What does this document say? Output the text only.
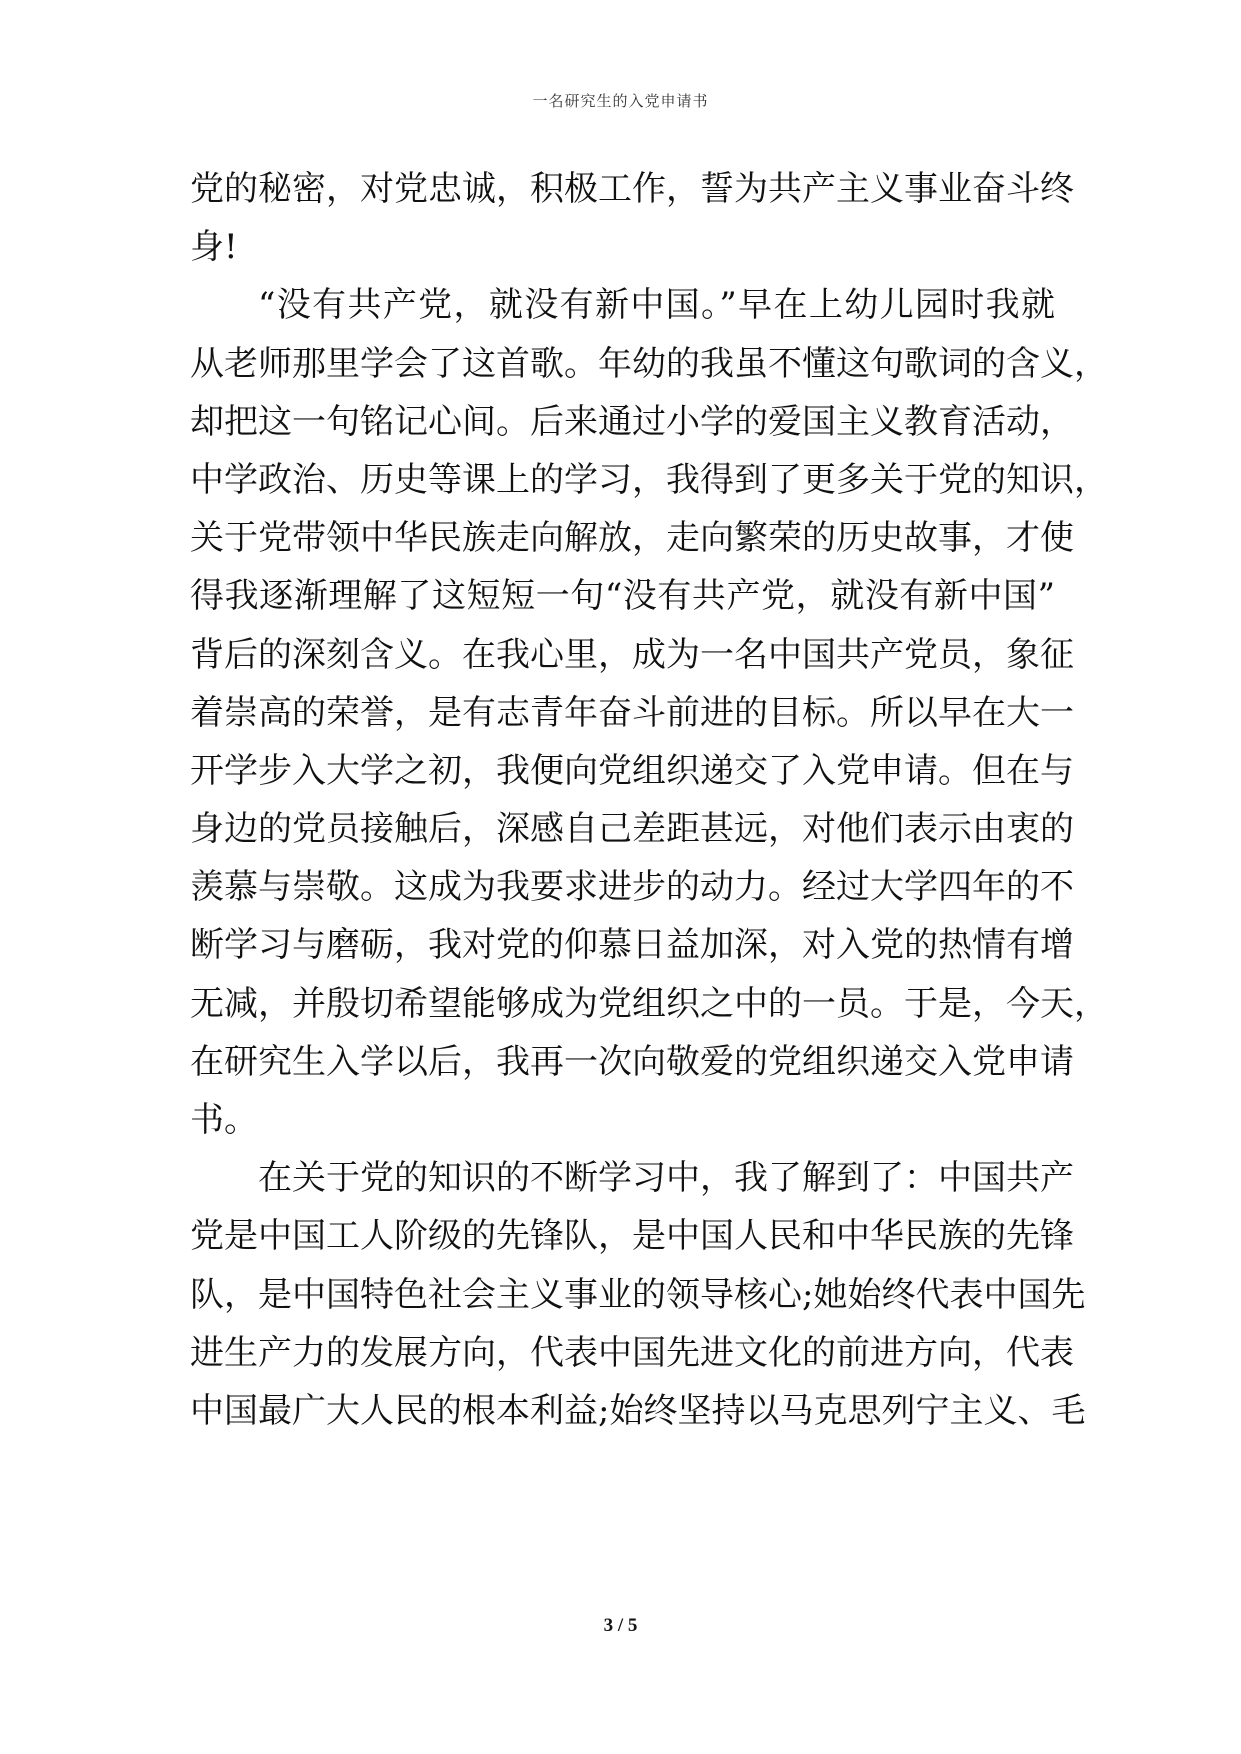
一名研究生的入党申请书
党的秘密，对党忠诚，积极工作，誓为共产主义事业奋斗终
身!
“没有共产党，就没有新中国。”早在上幼儿园时我就
从老师那里学会了这首歌。年幼的我虽不懂这句歌词的含义，
却把这一句铭记心间。后来通过小学的爱国主义教育活动，
中学政治、历史等课上的学习，我得到了更多关于党的知识，
关于党带领中华民族走向解放，走向繁荣的历史故事，才使
得我逐渐理解了这短短一句“没有共产党，就没有新中国”
背后的深刻含义。在我心里，成为一名中国共产党员，象征
着崇高的荣誉，是有志青年奋斗前进的目标。所以早在大一
开学步入大学之初，我便向党组织递交了入党申请。但在与
身边的党员接触后，深感自己差距甚远，对他们表示由衷的
羡慕与崇敬。这成为我要求进步的动力。经过大学四年的不
断学习与磨砺，我对党的仰慕日益加深，对入党的热情有增
无减，并殷切希望能够成为党组织之中的一员。于是，今天，
在研究生入学以后，我再一次向敬爱的党组织递交入党申请
书。
在关于党的知识的不断学习中，我了解到了：中国共产
党是中国工人阶级的先锋队，是中国人民和中华民族的先锋
队，是中国特色社会主义事业的领导核心;她始终代表中国先
进生产力的发展方向，代表中国先进文化的前进方向，代表
中国最广大人民的根本利益;始终坚持以马克思列宁主义、毛
3 / 5
